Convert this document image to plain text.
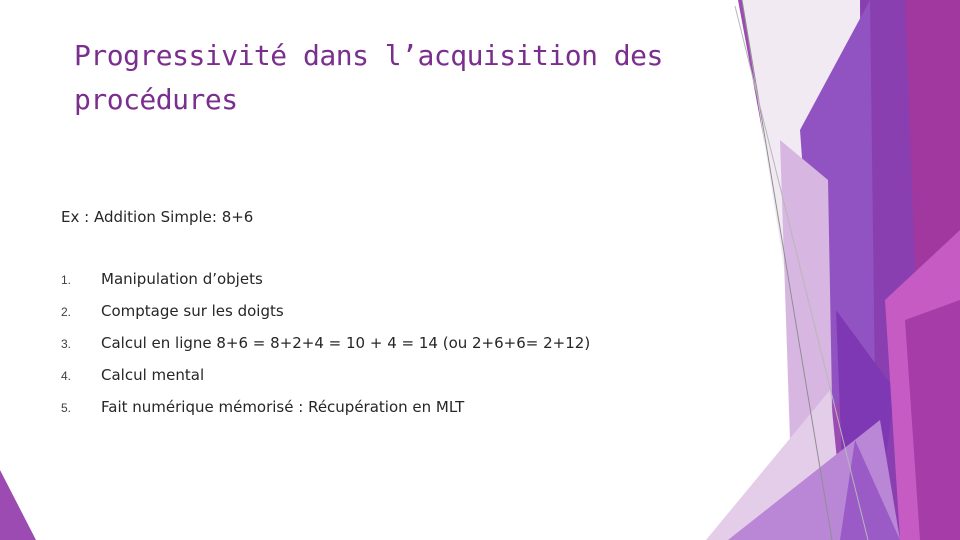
Progressivité dans l’acquisition des
procédures

Ex : Addition Simple: 8+6

1. Manipulation d’objets
2. Comptage sur les doigts
3. Calcul en ligne 8+6 = 8+2+4 = 10 + 4 = 14 (ou 2+6+6= 2+12)
4. Calcul mental
5. Fait numérique mémorisé : Récupération en MLT
